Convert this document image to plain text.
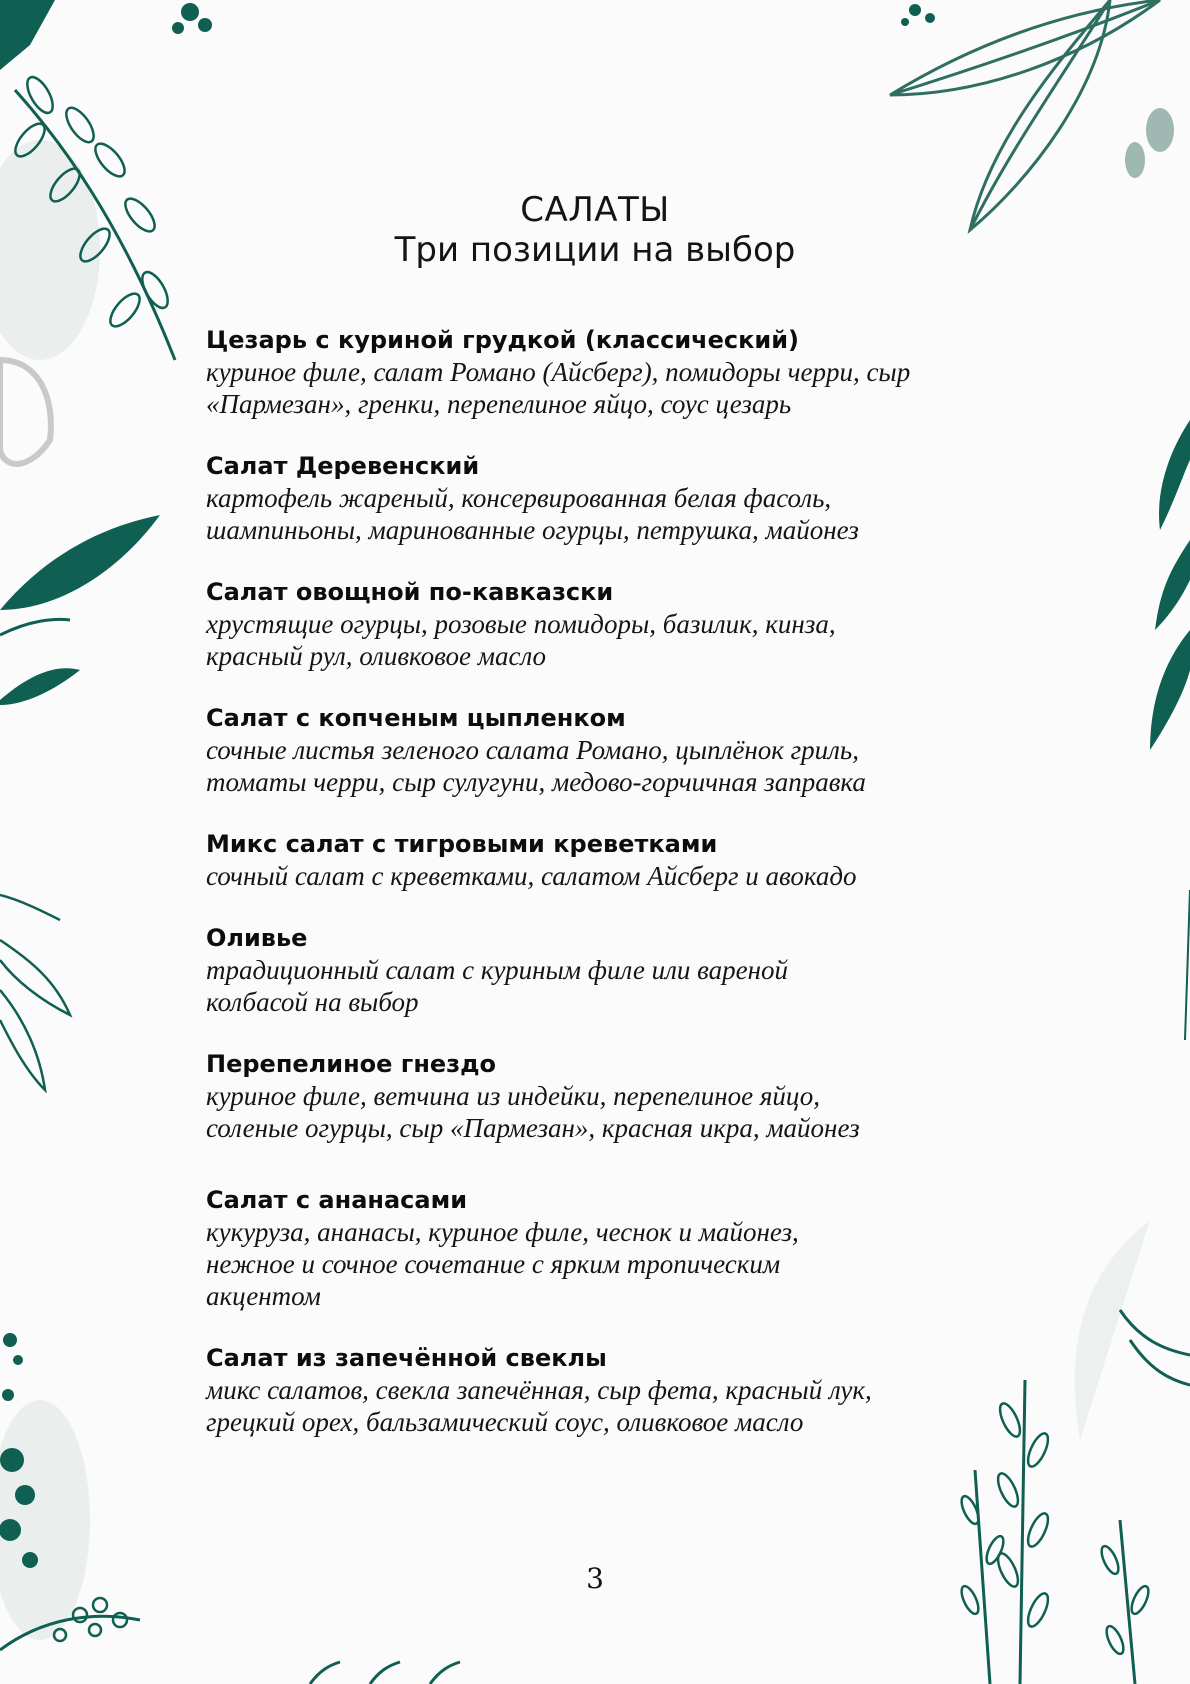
САЛАТЫ
Три позиции на выбор
Цезарь с куриной грудкой (классический)
куриное филе, салат Романо (Айсберг), помидоры черри, сыр
«Пармезан», гренки, перепелиное яйцо, соус цезарь
Салат Деревенский
картофель жареный, консервированная белая фасоль,
шампиньоны, маринованные огурцы, петрушка, майонез
Салат овощной по-кавказски
хрустящие огурцы, розовые помидоры, базилик, кинза,
красный рул, оливковое масло
Салат с копченым цыпленком
сочные листья зеленого салата Романо, цыплёнок гриль,
томаты черри, сыр сулугуни, медово-горчичная заправка
Микс салат с тигровыми креветками
сочный салат с креветками, салатом Айсберг и авокадо
Оливье
традиционный салат с куриным филе или вареной
колбасой на выбор
Перепелиное гнездо
куриное филе, ветчина из индейки, перепелиное яйцо,
соленые огурцы, сыр «Пармезан», красная икра, майонез
Салат с ананасами
кукуруза, ананасы, куриное филе, чеснок и майонез,
нежное и сочное сочетание с ярким тропическим
акцентом
Салат из запечённой свеклы
микс салатов, свекла запечённая, сыр фета, красный лук,
грецкий орех, бальзамический соус, оливковое масло
3
